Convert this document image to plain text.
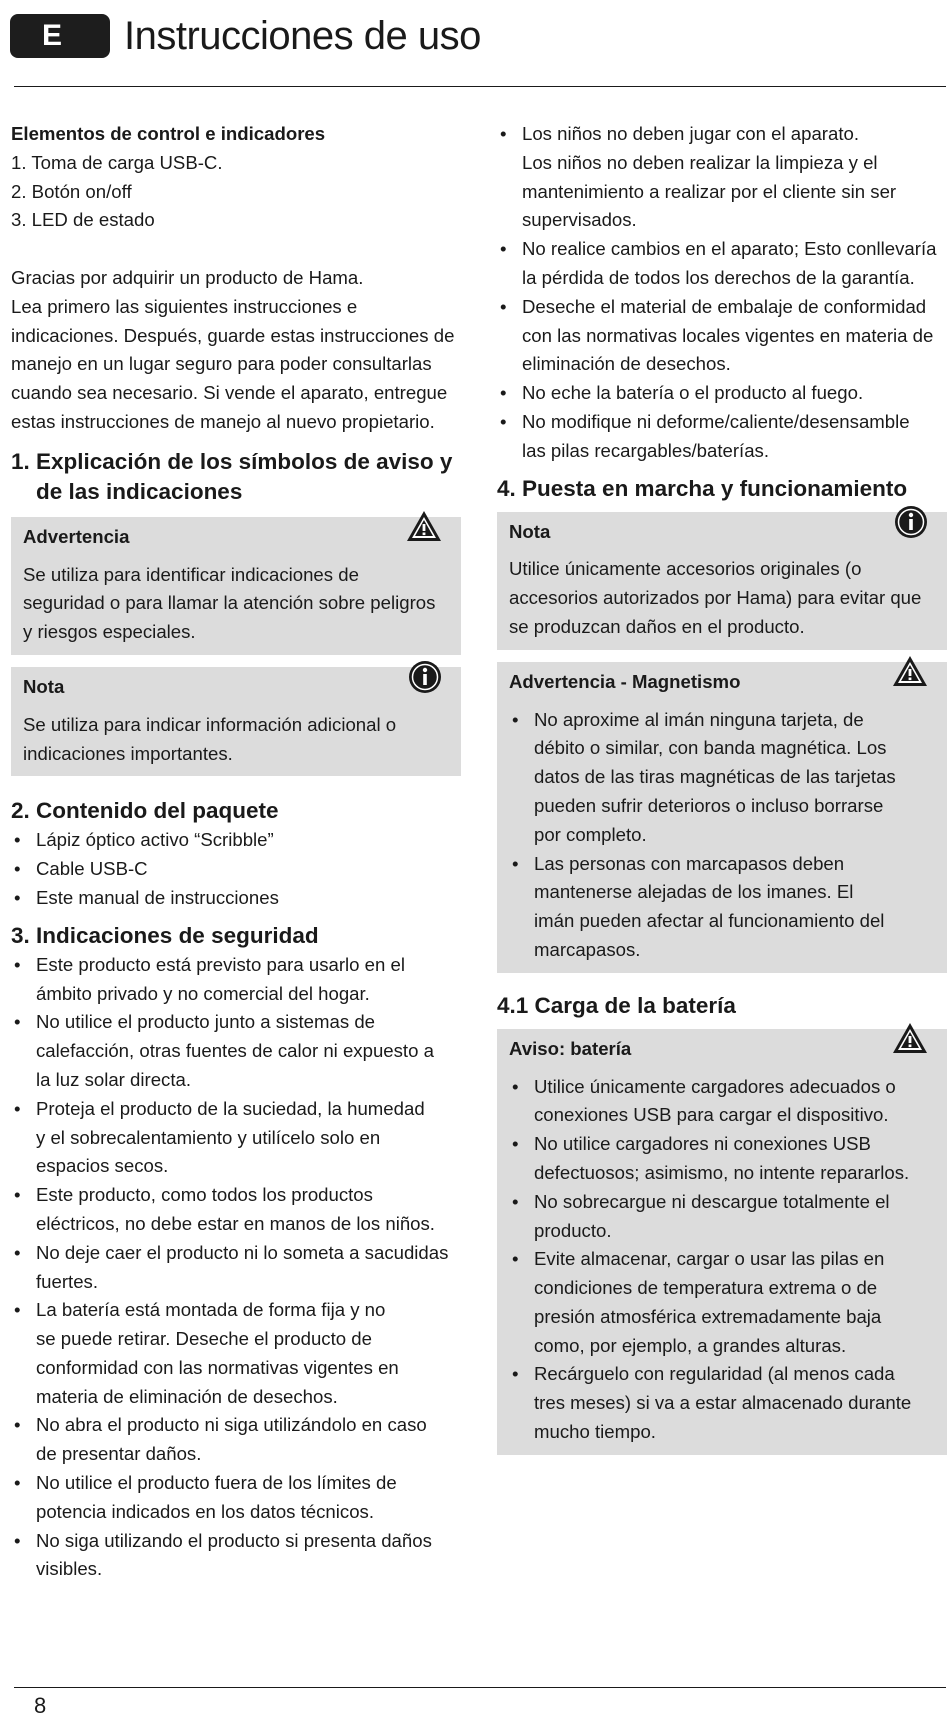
E	Instrucciones de uso
Elementos de control e indicadores
1. Toma de carga USB-C.
2. Botón on/off
3. LED de estado
Gracias por adquirir un producto de Hama.
Lea primero las siguientes instrucciones e
indicaciones. Después, guarde estas instrucciones de
manejo en un lugar seguro para poder consultarlas
cuando sea necesario. Si vende el aparato, entregue
estas instrucciones de manejo al nuevo propietario.
1. Explicación de los símbolos de aviso y
de las indicaciones
Advertencia
Se utiliza para identificar indicaciones de
seguridad o para llamar la atención sobre peligros
y riesgos especiales.
Nota
Se utiliza para indicar información adicional o
indicaciones importantes.
2. Contenido del paquete
• Lápiz óptico activo “Scribble”
• Cable USB-C
• Este manual de instrucciones
3. Indicaciones de seguridad
• Este producto está previsto para usarlo en el
ámbito privado y no comercial del hogar.
• No utilice el producto junto a sistemas de
calefacción, otras fuentes de calor ni expuesto a
la luz solar directa.
• Proteja el producto de la suciedad, la humedad
y el sobrecalentamiento y utilícelo solo en
espacios secos.
• Este producto, como todos los productos
eléctricos, no debe estar en manos de los niños.
• No deje caer el producto ni lo someta a sacudidas
fuertes.
• La batería está montada de forma fija y no
se puede retirar. Deseche el producto de
conformidad con las normativas vigentes en
materia de eliminación de desechos.
• No abra el producto ni siga utilizándolo en caso
de presentar daños.
• No utilice el producto fuera de los límites de
potencia indicados en los datos técnicos.
• No siga utilizando el producto si presenta daños
visibles.
• Los niños no deben jugar con el aparato.
Los niños no deben realizar la limpieza y el
mantenimiento a realizar por el cliente sin ser
supervisados.
• No realice cambios en el aparato; Esto conllevaría
la pérdida de todos los derechos de la garantía.
• Deseche el material de embalaje de conformidad
con las normativas locales vigentes en materia de
eliminación de desechos.
• No eche la batería o el producto al fuego.
• No modifique ni deforme/caliente/desensamble
las pilas recargables/baterías.
4. Puesta en marcha y funcionamiento
Nota
Utilice únicamente accesorios originales (o
accesorios autorizados por Hama) para evitar que
se produzcan daños en el producto.
Advertencia - Magnetismo
• No aproxime al imán ninguna tarjeta, de
débito o similar, con banda magnética. Los
datos de las tiras magnéticas de las tarjetas
pueden sufrir deterioros o incluso borrarse
por completo.
• Las personas con marcapasos deben
mantenerse alejadas de los imanes. El
imán pueden afectar al funcionamiento del
marcapasos.
4.1 Carga de la batería
Aviso: batería
• Utilice únicamente cargadores adecuados o
conexiones USB para cargar el dispositivo.
• No utilice cargadores ni conexiones USB
defectuosos; asimismo, no intente repararlos.
• No sobrecargue ni descargue totalmente el
producto.
• Evite almacenar, cargar o usar las pilas en
condiciones de temperatura extrema o de
presión atmosférica extremadamente baja
como, por ejemplo, a grandes alturas.
• Recárguelo con regularidad (al menos cada
tres meses) si va a estar almacenado durante
mucho tiempo.
8
